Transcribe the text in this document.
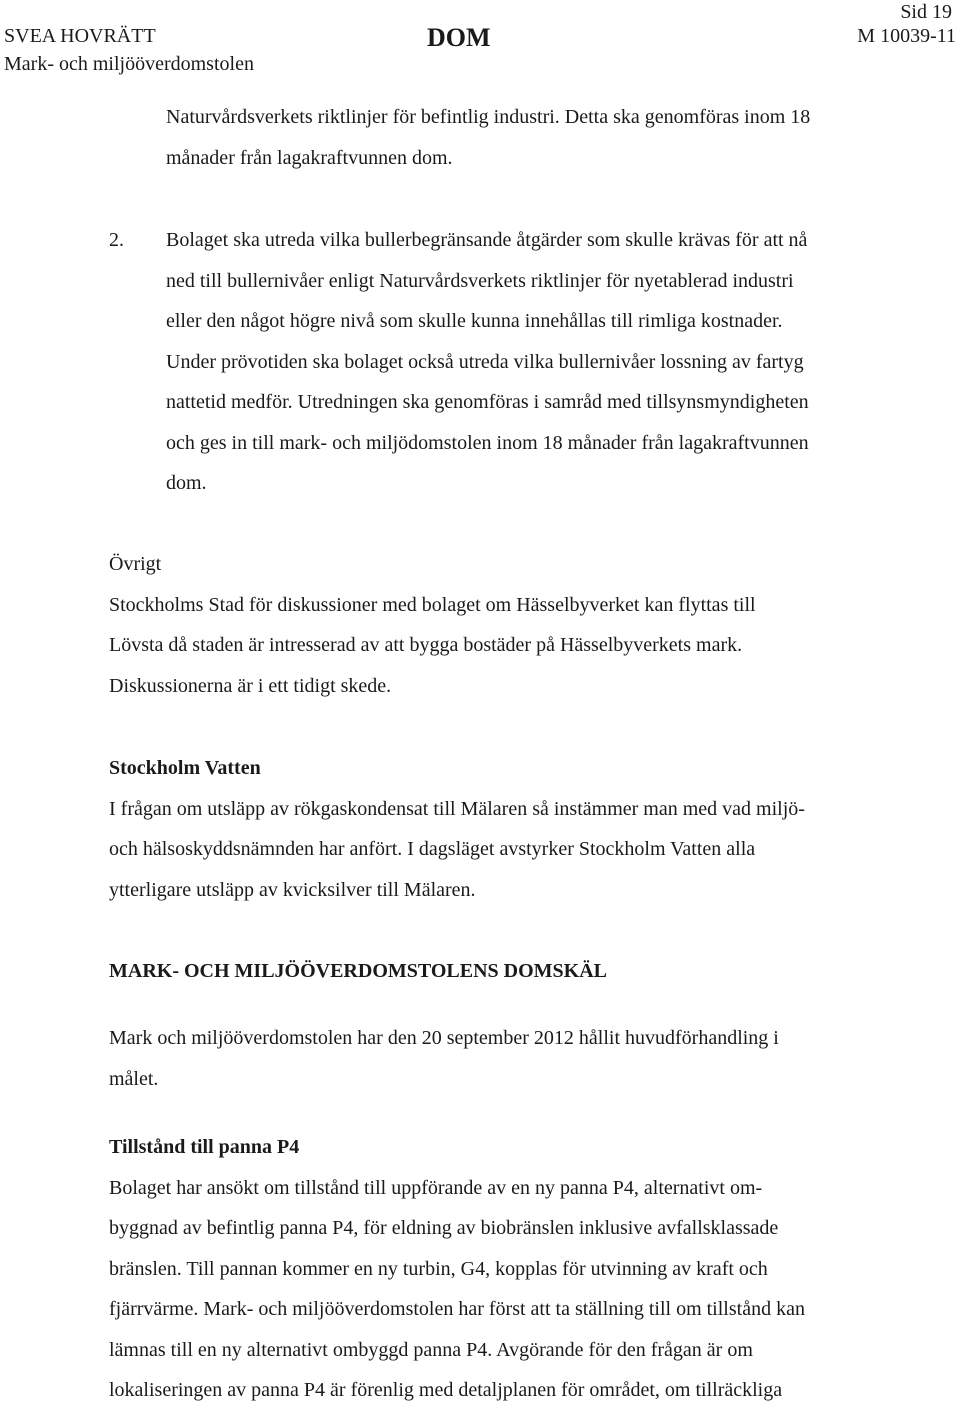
Sid 19
SVEA HOVRÄTT
Mark- och miljööverdomstolen
DOM	M 10039-11
Naturvårdsverkets riktlinjer för befintlig industri. Detta ska genomföras inom 18
månader från lagakraftvunnen dom.
2. Bolaget ska utreda vilka bullerbegränsande åtgärder som skulle krävas för att nå
ned till bullernivåer enligt Naturvårdsverkets riktlinjer för nyetablerad industri
eller den något högre nivå som skulle kunna innehållas till rimliga kostnader.
Under prövotiden ska bolaget också utreda vilka bullernivåer lossning av fartyg
nattetid medför. Utredningen ska genomföras i samråd med tillsynsmyndigheten
och ges in till mark- och miljödomstolen inom 18 månader från lagakraftvunnen
dom.
Övrigt
Stockholms Stad för diskussioner med bolaget om Hässelbyverket kan flyttas till
Lövsta då staden är intresserad av att bygga bostäder på Hässelbyverkets mark.
Diskussionerna är i ett tidigt skede.
Stockholm Vatten
I frågan om utsläpp av rökgaskondensat till Mälaren så instämmer man med vad miljö-
och hälsoskyddsnämnden har anfört. I dagsläget avstyrker Stockholm Vatten alla
ytterligare utsläpp av kvicksilver till Mälaren.
MARK- OCH MILJÖÖVERDOMSTOLENS DOMSKÄL
Mark och miljööverdomstolen har den 20 september 2012 hållit huvudförhandling i
målet.
Tillstånd till panna P4
Bolaget har ansökt om tillstånd till uppförande av en ny panna P4, alternativt om-
byggnad av befintlig panna P4, för eldning av biobränslen inklusive avfallsklassade
bränslen. Till pannan kommer en ny turbin, G4, kopplas för utvinning av kraft och
fjärrvärme. Mark- och miljööverdomstolen har först att ta ställning till om tillstånd kan
lämnas till en ny alternativt ombyggd panna P4. Avgörande för den frågan är om
lokaliseringen av panna P4 är förenlig med detaljplanen för området, om tillräckliga
